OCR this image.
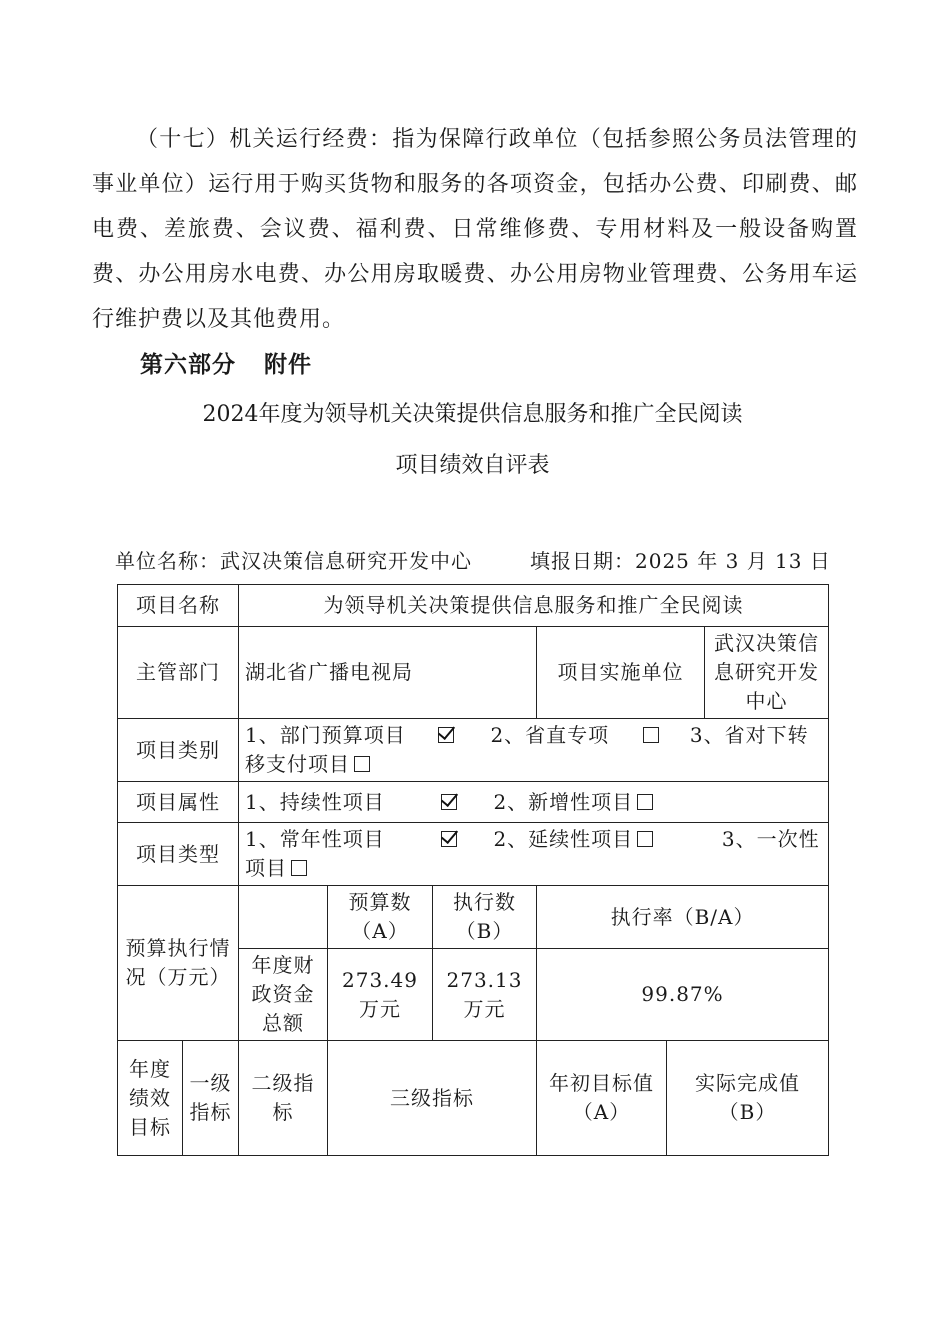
（十七）机关运行经费：指为保障行政单位（包括参照公务员法管理的事业单位）运行用于购买货物和服务的各项资金，包括办公费、印刷费、邮电费、差旅费、会议费、福利费、日常维修费、专用材料及一般设备购置费、办公用房水电费、办公用房取暖费、办公用房物业管理费、公务用车运行维护费以及其他费用。

第六部分 附件
2024年度为领导机关决策提供信息服务和推广全民阅读
项目绩效自评表
单位名称：武汉决策信息研究开发中心	填报日期：2025 年 3 月 13 日
项目名称		为领导机关决策提供信息服务和推广全民阅读					
主管部门		湖北省广播电视局			项目实施单位		武汉决策信息研究开发中心
项目类别		1、部门预算项目 2、省直专项 3、省对下转移支付项目					
项目属性		1、持续性项目 2、新增性项目					
项目类型		1、常年性项目 2、延续性项目 3、一次性项目					
预算执行情况（万元）			预算数（A）	执行数（B）	执行率（B/A）		
		年度财政资金总额	273.49万元	273.13万元	99.87%		
年度绩效目标	一级指标	二级指标	三级指标		年初目标值（A）	实际完成值（B）	
